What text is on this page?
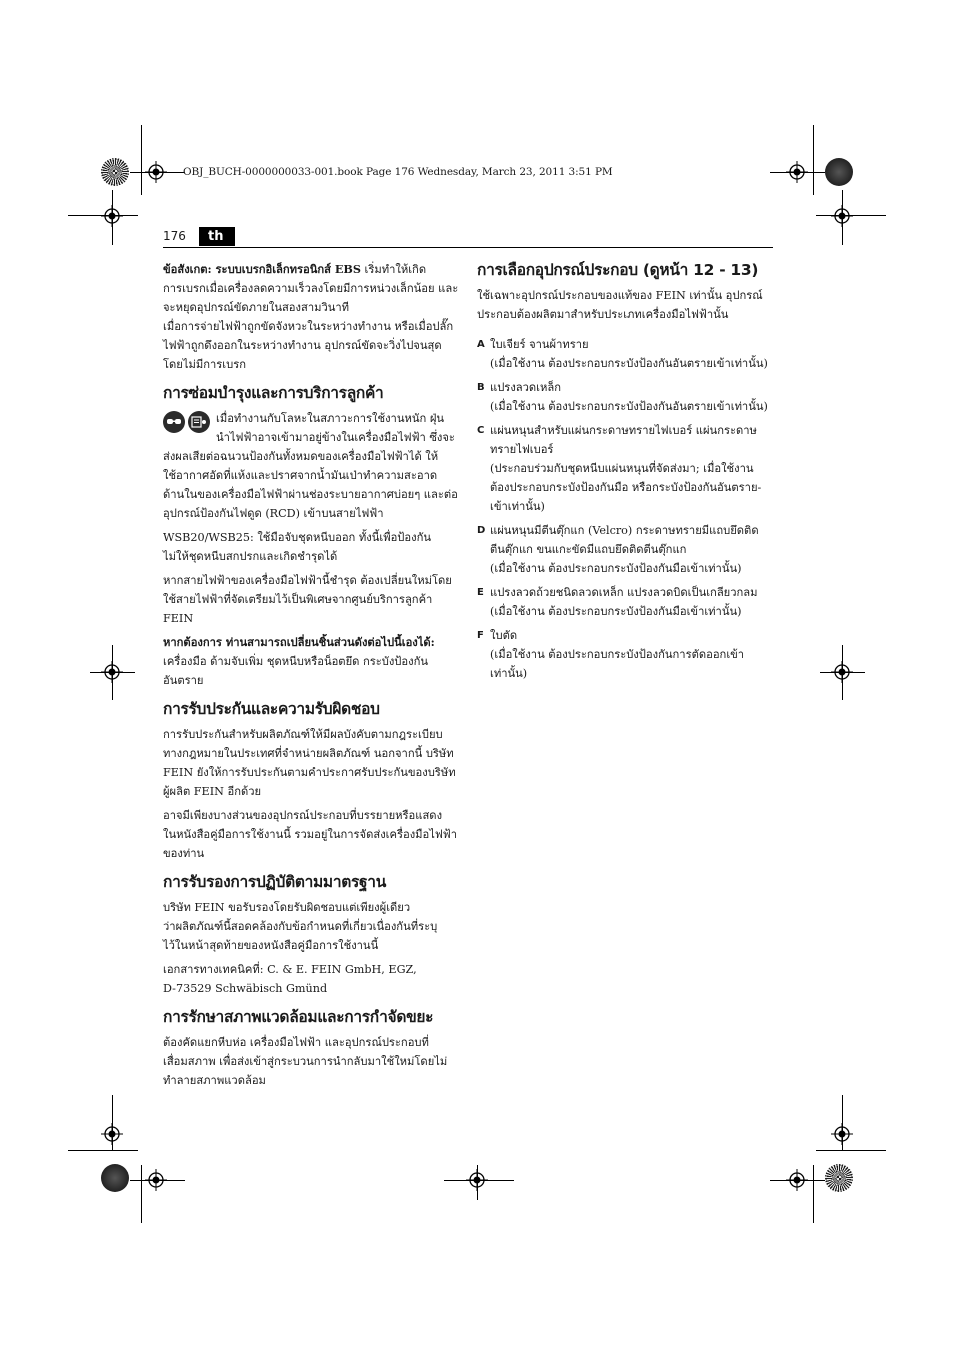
OBJ_BUCH-0000000033-001.book Page 176 Wednesday, March 23, 2011 3:51 PM
176	th

ข้อสังเกต: ระบบเบรกอิเล็กทรอนิกส์ EBS เริ่มทำให้เกิด
การเบรกเมื่อเครื่องลดความเร็วลงโดยมีการหน่วงเล็กน้อย และ
จะหยุดอุปกรณ์ขัดภายในสองสามวินาที
เมื่อการจ่ายไฟฟ้าถูกขัดจังหวะในระหว่างทำงาน หรือเมื่อปลั๊ก
ไฟฟ้าถูกดึงออกในระหว่างทำงาน อุปกรณ์ขัดจะวิ่งไปจนสุด
โดยไม่มีการเบรก

การซ่อมบำรุงและการบริการลูกค้า

เมื่อทำงานกับโลหะในสภาวะการใช้งานหนัก ฝุ่น
นำไฟฟ้าอาจเข้ามาอยู่ข้างในเครื่องมือไฟฟ้า ซึ่งจะ
ส่งผลเสียต่อฉนวนป้องกันทั้งหมดของเครื่องมือไฟฟ้าได้ ให้
ใช้อากาศอัดที่แห้งและปราศจากน้ำมันเป่าทำความสะอาด
ด้านในของเครื่องมือไฟฟ้าผ่านช่องระบายอากาศบ่อยๆ และต่อ
อุปกรณ์ป้องกันไฟดูด (RCD) เข้าบนสายไฟฟ้า

WSB20/WSB25: ใช้มือจับชุดหนีบออก ทั้งนี้เพื่อป้องกัน
ไม่ให้ชุดหนีบสกปรกและเกิดชำรุดได้

หากสายไฟฟ้าของเครื่องมือไฟฟ้านี้ชำรุด ต้องเปลี่ยนใหม่โดย
ใช้สายไฟฟ้าที่จัดเตรียมไว้เป็นพิเศษจากศูนย์บริการลูกค้า FEIN

หากต้องการ ท่านสามารถเปลี่ยนชิ้นส่วนดังต่อไปนี้เองได้:
เครื่องมือ ด้ามจับเพิ่ม ชุดหนีบหรือน็อตยึด กระบังป้องกัน
อันตราย

การรับประกันและความรับผิดชอบ

การรับประกันสำหรับผลิตภัณฑ์ให้มีผลบังคับตามกฎระเบียบ
ทางกฎหมายในประเทศที่จำหน่ายผลิตภัณฑ์ นอกจากนี้ บริษัท
FEIN ยังให้การรับประกันตามคำประกาศรับประกันของบริษัท
ผู้ผลิต FEIN อีกด้วย

อาจมีเพียงบางส่วนของอุปกรณ์ประกอบที่บรรยายหรือแสดง
ในหนังสือคู่มือการใช้งานนี้ รวมอยู่ในการจัดส่งเครื่องมือไฟฟ้า
ของท่าน

การรับรองการปฏิบัติตามมาตรฐาน

บริษัท FEIN ขอรับรองโดยรับผิดชอบแต่เพียงผู้เดียว
ว่าผลิตภัณฑ์นี้สอดคล้องกับข้อกำหนดที่เกี่ยวเนื่องกันที่ระบุ
ไว้ในหน้าสุดท้ายของหนังสือคู่มือการใช้งานนี้

เอกสารทางเทคนิคที่: C. & E. FEIN GmbH, EGZ,
D-73529 Schwäbisch Gmünd

การรักษาสภาพแวดล้อมและการกำจัดขยะ

ต้องคัดแยกหีบห่อ เครื่องมือไฟฟ้า และอุปกรณ์ประกอบที่
เสื่อมสภาพ เพื่อส่งเข้าสู่กระบวนการนำกลับมาใช้ใหม่โดยไม่
ทำลายสภาพแวดล้อม

การเลือกอุปกรณ์ประกอบ (ดูหน้า 12 - 13)

ใช้เฉพาะอุปกรณ์ประกอบของแท้ของ FEIN เท่านั้น อุปกรณ์
ประกอบต้องผลิตมาสำหรับประเภทเครื่องมือไฟฟ้านั้น

A ใบเจียร์ จานผ้าทราย
(เมื่อใช้งาน ต้องประกอบกระบังป้องกันอันตรายเข้าเท่านั้น)
B แปรงลวดเหล็ก
(เมื่อใช้งาน ต้องประกอบกระบังป้องกันอันตรายเข้าเท่านั้น)
C แผ่นหนุนสำหรับแผ่นกระดาษทรายไฟเบอร์ แผ่นกระดาษ
ทรายไฟเบอร์
(ประกอบร่วมกับชุดหนีบแผ่นหนุนที่จัดส่งมา; เมื่อใช้งาน
ต้องประกอบกระบังป้องกันมือ หรือกระบังป้องกันอันตราย-
เข้าเท่านั้น)
D แผ่นหนุนมีตีนตุ๊กแก (Velcro) กระดาษทรายมีแถบยึดติด
ตีนตุ๊กแก ขนแกะขัดมีแถบยึดติดตีนตุ๊กแก
(เมื่อใช้งาน ต้องประกอบกระบังป้องกันมือเข้าเท่านั้น)
E แปรงลวดถ้วยชนิดลวดเหล็ก แปรงลวดบิดเป็นเกลียวกลม
(เมื่อใช้งาน ต้องประกอบกระบังป้องกันมือเข้าเท่านั้น)
F ใบตัด
(เมื่อใช้งาน ต้องประกอบกระบังป้องกันการตัดออกเข้า
เท่านั้น)
